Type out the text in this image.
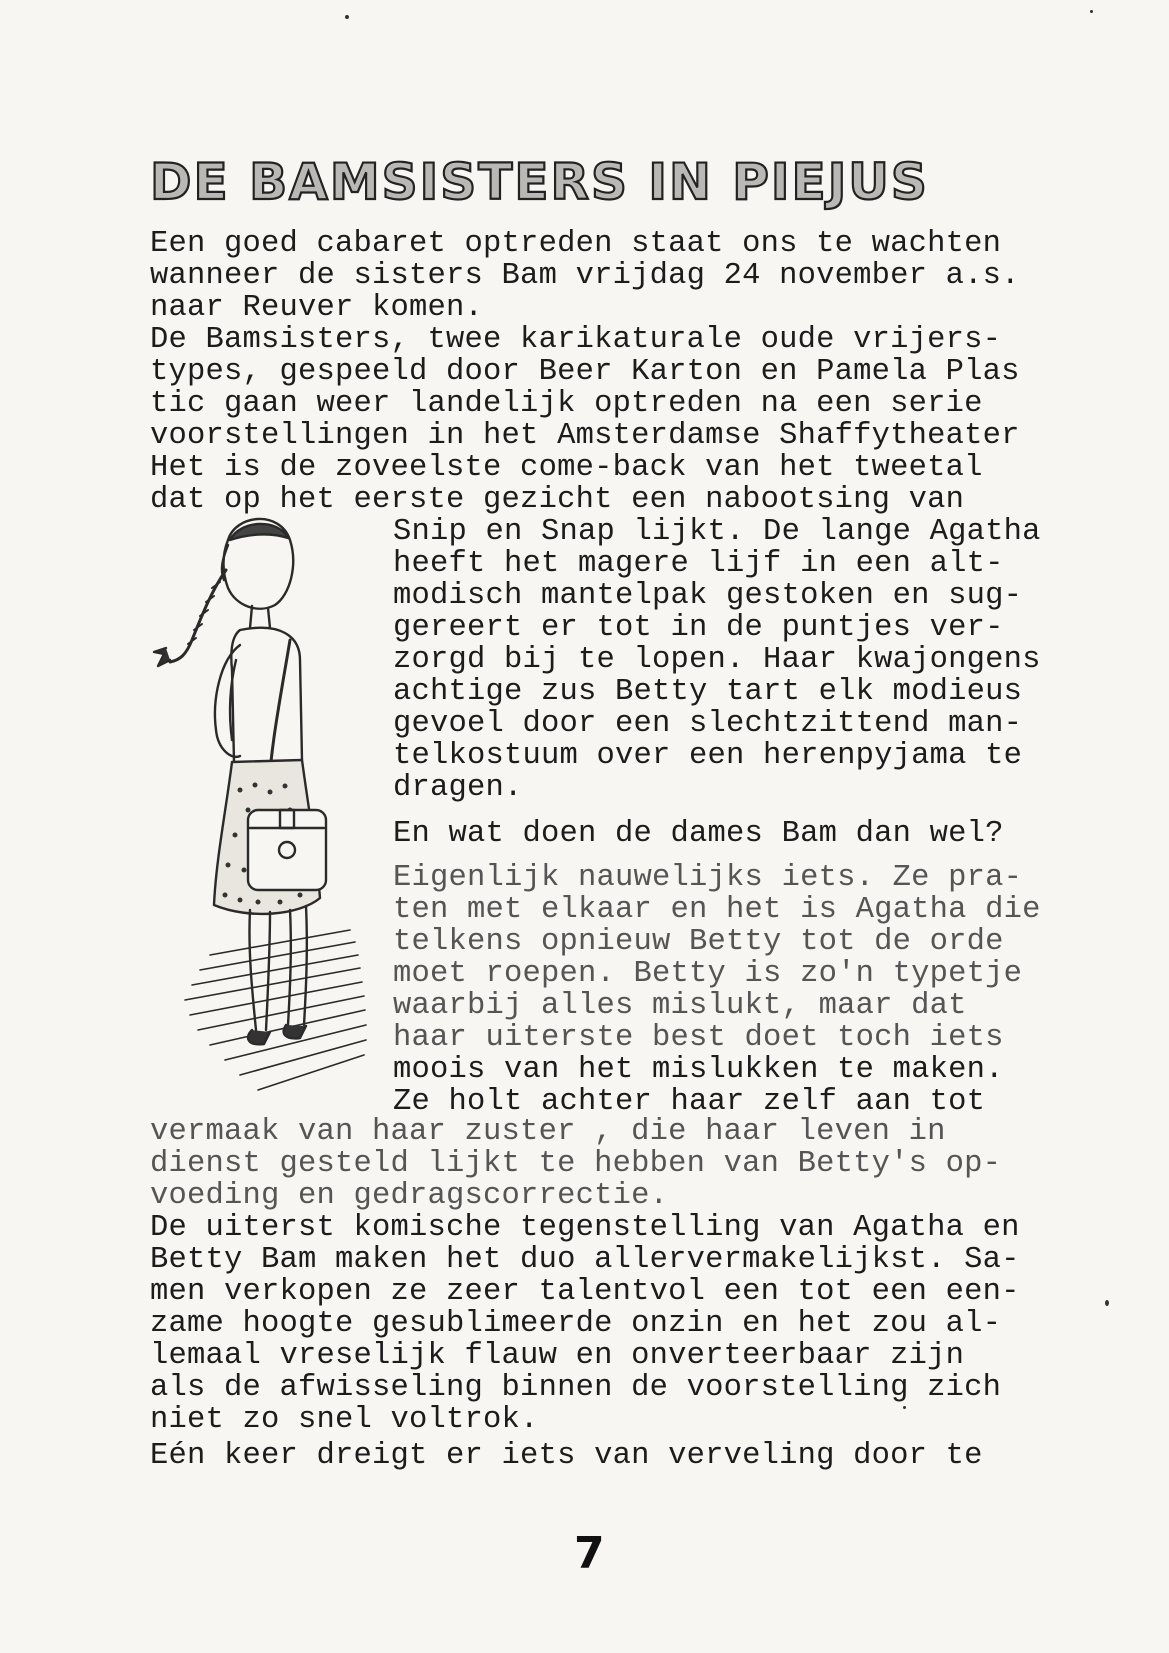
DE BAMSISTERS IN PIEJUS
Een goed cabaret optreden staat ons te wachten
wanneer de sisters Bam vrijdag 24 november a.s.
naar Reuver komen.
De Bamsisters, twee karikaturale oude vrijers-
types, gespeeld door Beer Karton en Pamela Plas
tic gaan weer landelijk optreden na een serie
voorstellingen in het Amsterdamse Shaffytheater
Het is de zoveelste come-back van het tweetal
dat op het eerste gezicht een nabootsing van
Snip en Snap lijkt. De lange Agatha
heeft het magere lijf in een alt-
modisch mantelpak gestoken en sug-
gereert er tot in de puntjes ver-
zorgd bij te lopen. Haar kwajongens
achtige zus Betty tart elk modieus
gevoel door een slechtzittend man-
telkostuum over een herenpyjama te
dragen.
En wat doen de dames Bam dan wel?
Eigenlijk nauwelijks iets. Ze pra-
ten met elkaar en het is Agatha die
telkens opnieuw Betty tot de orde
moet roepen. Betty is zo'n typetje
waarbij alles mislukt, maar dat
haar uiterste best doet toch iets
moois van het mislukken te maken.
Ze holt achter haar zelf aan tot
vermaak van haar zuster , die haar leven in
dienst gesteld lijkt te hebben van Betty's op-
voeding en gedragscorrectie.
De uiterst komische tegenstelling van Agatha en
Betty Bam maken het duo allervermakelijkst. Sa-
men verkopen ze zeer talentvol een tot een een-
zame hoogte gesublimeerde onzin en het zou al-
lemaal vreselijk flauw en onverteerbaar zijn
als de afwisseling binnen de voorstelling zich
niet zo snel voltrok.
Eén keer dreigt er iets van verveling door te
7
